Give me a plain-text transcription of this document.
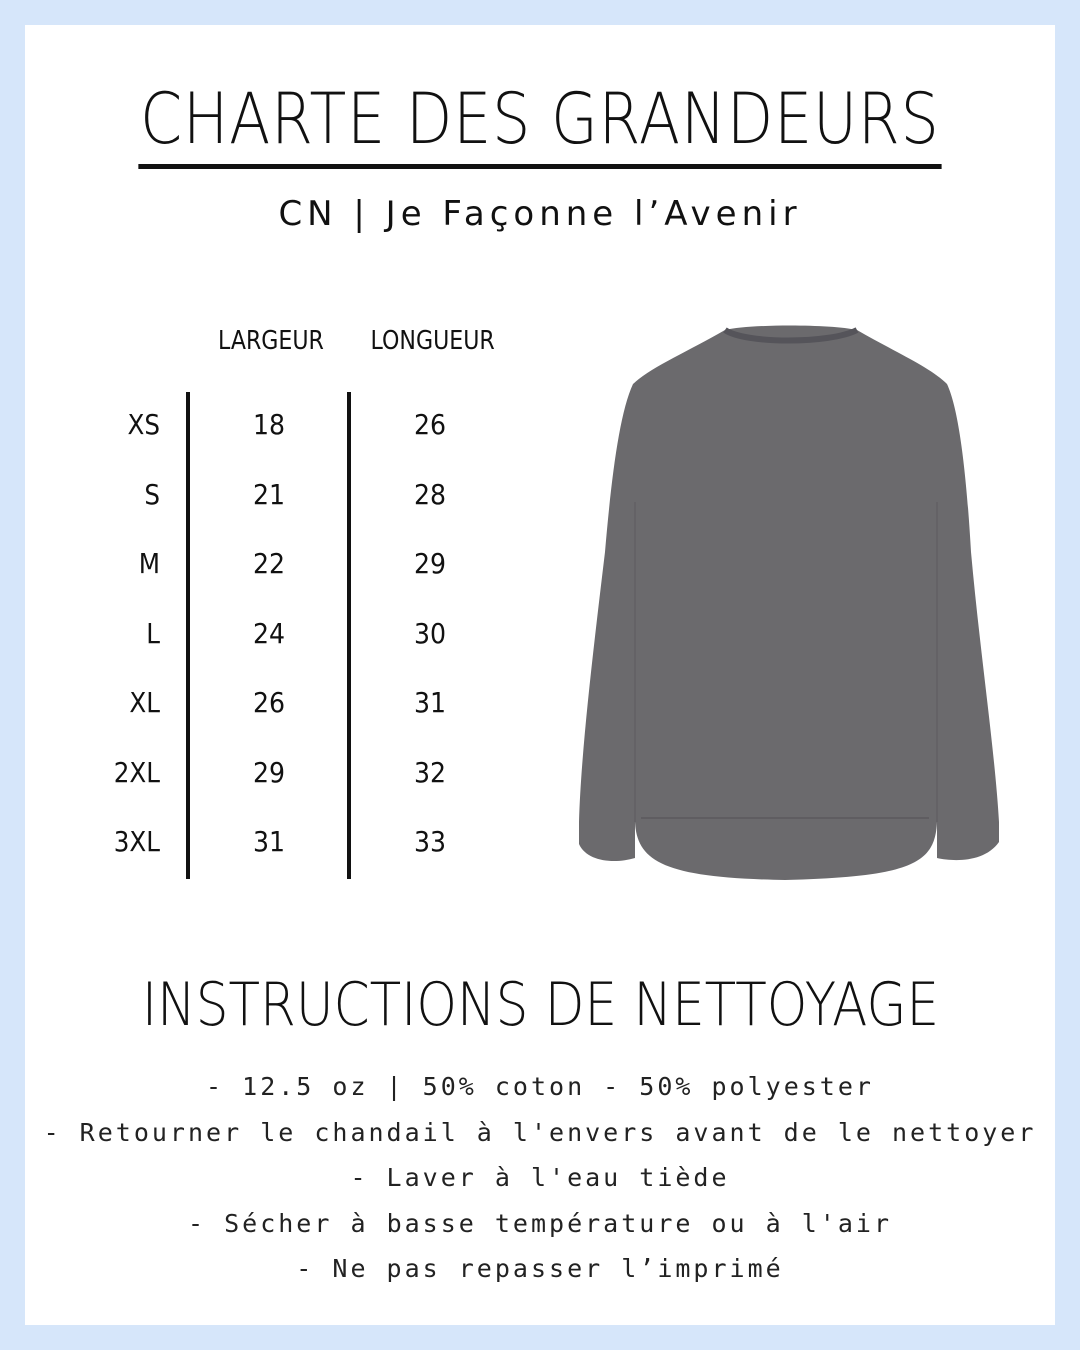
CHARTE DES GRANDEURS
CN | Je Façonne l’Avenir
LARGEUR LONGUEUR
XS	18	26
S	21	28
M	22	29
L	24	30
XL	26	31
2XL	29	32
3XL	31	33
INSTRUCTIONS DE NETTOYAGE
- 12.5 oz | 50% coton - 50% polyester
- Retourner le chandail à l'envers avant de le nettoyer
- Laver à l'eau tiède
- Sécher à basse température ou à l'air
- Ne pas repasser l’imprimé
